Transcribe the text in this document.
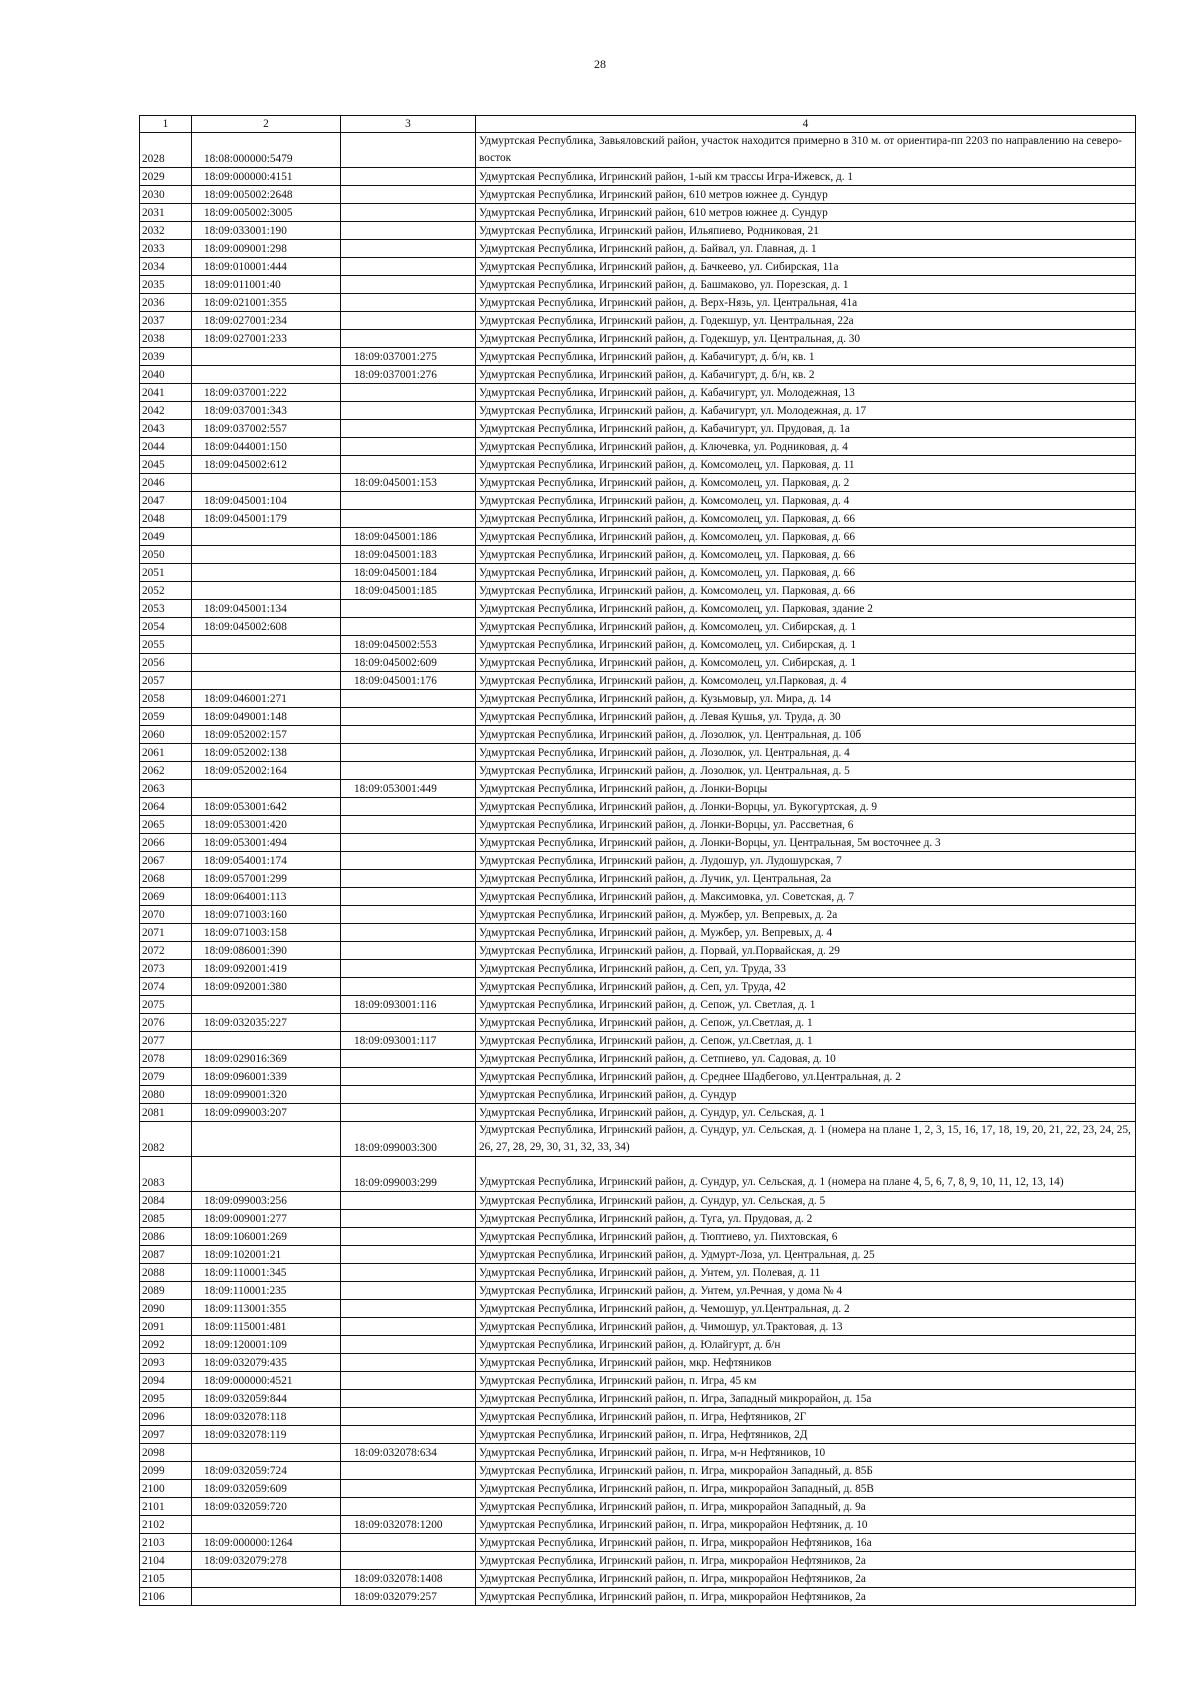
28
1	2	3	4
2028	18:08:000000:5479		Удмуртская Республика, Завьяловский район, участок находится примерно в 310 м. от ориентира-пп 2203 по направлению на северо-восток
2029	18:09:000000:4151		Удмуртская Республика, Игринский район, 1-ый км трассы Игра-Ижевск, д. 1
2030	18:09:005002:2648		Удмуртская Республика, Игринский район, 610 метров южнее д. Сундур
2031	18:09:005002:3005		Удмуртская Республика, Игринский район, 610 метров южнее д. Сундур
2032	18:09:033001:190		Удмуртская Республика, Игринский район, Ильяпиево, Родниковая, 21
2033	18:09:009001:298		Удмуртская Республика, Игринский район, д. Байвал, ул. Главная, д. 1
2034	18:09:010001:444		Удмуртская Республика, Игринский район, д. Бачкеево, ул. Сибирская, 11а
2035	18:09:011001:40		Удмуртская Республика, Игринский район, д. Башмаково, ул. Порезская, д. 1
2036	18:09:021001:355		Удмуртская Республика, Игринский район, д. Верх-Нязь, ул. Центральная, 41а
2037	18:09:027001:234		Удмуртская Республика, Игринский район, д. Годекшур, ул. Центральная, 22а
2038	18:09:027001:233		Удмуртская Республика, Игринский район, д. Годекшур, ул. Центральная, д. 30
2039		18:09:037001:275	Удмуртская Республика, Игринский район, д. Кабачигурт, д. б/н, кв. 1
2040		18:09:037001:276	Удмуртская Республика, Игринский район, д. Кабачигурт, д. б/н, кв. 2
2041	18:09:037001:222		Удмуртская Республика, Игринский район, д. Кабачигурт, ул. Молодежная, 13
2042	18:09:037001:343		Удмуртская Республика, Игринский район, д. Кабачигурт, ул. Молодежная, д. 17
2043	18:09:037002:557		Удмуртская Республика, Игринский район, д. Кабачигурт, ул. Прудовая, д. 1а
2044	18:09:044001:150		Удмуртская Республика, Игринский район, д. Ключевка, ул. Родниковая, д. 4
2045	18:09:045002:612		Удмуртская Республика, Игринский район, д. Комсомолец, ул. Парковая, д. 11
2046		18:09:045001:153	Удмуртская Республика, Игринский район, д. Комсомолец, ул. Парковая, д. 2
2047	18:09:045001:104		Удмуртская Республика, Игринский район, д. Комсомолец, ул. Парковая, д. 4
2048	18:09:045001:179		Удмуртская Республика, Игринский район, д. Комсомолец, ул. Парковая, д. 66
2049		18:09:045001:186	Удмуртская Республика, Игринский район, д. Комсомолец, ул. Парковая, д. 66
2050		18:09:045001:183	Удмуртская Республика, Игринский район, д. Комсомолец, ул. Парковая, д. 66
2051		18:09:045001:184	Удмуртская Республика, Игринский район, д. Комсомолец, ул. Парковая, д. 66
2052		18:09:045001:185	Удмуртская Республика, Игринский район, д. Комсомолец, ул. Парковая, д. 66
2053	18:09:045001:134		Удмуртская Республика, Игринский район, д. Комсомолец, ул. Парковая, здание 2
2054	18:09:045002:608		Удмуртская Республика, Игринский район, д. Комсомолец, ул. Сибирская, д. 1
2055		18:09:045002:553	Удмуртская Республика, Игринский район, д. Комсомолец, ул. Сибирская, д. 1
2056		18:09:045002:609	Удмуртская Республика, Игринский район, д. Комсомолец, ул. Сибирская, д. 1
2057		18:09:045001:176	Удмуртская Республика, Игринский район, д. Комсомолец, ул.Парковая, д. 4
2058	18:09:046001:271		Удмуртская Республика, Игринский район, д. Кузьмовыр, ул. Мира, д. 14
2059	18:09:049001:148		Удмуртская Республика, Игринский район, д. Левая Кушья, ул. Труда, д. 30
2060	18:09:052002:157		Удмуртская Республика, Игринский район, д. Лозолюк, ул. Центральная, д. 10б
2061	18:09:052002:138		Удмуртская Республика, Игринский район, д. Лозолюк, ул. Центральная, д. 4
2062	18:09:052002:164		Удмуртская Республика, Игринский район, д. Лозолюк, ул. Центральная, д. 5
2063		18:09:053001:449	Удмуртская Республика, Игринский район, д. Лонки-Ворцы
2064	18:09:053001:642		Удмуртская Республика, Игринский район, д. Лонки-Ворцы, ул. Вукогуртская, д. 9
2065	18:09:053001:420		Удмуртская Республика, Игринский район, д. Лонки-Ворцы, ул. Рассветная, 6
2066	18:09:053001:494		Удмуртская Республика, Игринский район, д. Лонки-Ворцы, ул. Центральная, 5м восточнее д. 3
2067	18:09:054001:174		Удмуртская Республика, Игринский район, д. Лудошур, ул. Лудошурская, 7
2068	18:09:057001:299		Удмуртская Республика, Игринский район, д. Лучик, ул. Центральная, 2а
2069	18:09:064001:113		Удмуртская Республика, Игринский район, д. Максимовка, ул. Советская, д. 7
2070	18:09:071003:160		Удмуртская Республика, Игринский район, д. Мужбер, ул. Вепревых, д. 2а
2071	18:09:071003:158		Удмуртская Республика, Игринский район, д. Мужбер, ул. Вепревых, д. 4
2072	18:09:086001:390		Удмуртская Республика, Игринский район, д. Порвай, ул.Порвайская, д. 29
2073	18:09:092001:419		Удмуртская Республика, Игринский район, д. Сеп, ул. Труда, 33
2074	18:09:092001:380		Удмуртская Республика, Игринский район, д. Сеп, ул. Труда, 42
2075		18:09:093001:116	Удмуртская Республика, Игринский район, д. Сепож, ул. Светлая, д. 1
2076	18:09:032035:227		Удмуртская Республика, Игринский район, д. Сепож, ул.Светлая, д. 1
2077		18:09:093001:117	Удмуртская Республика, Игринский район, д. Сепож, ул.Светлая, д. 1
2078	18:09:029016:369		Удмуртская Республика, Игринский район, д. Сетпиево, ул. Садовая, д. 10
2079	18:09:096001:339		Удмуртская Республика, Игринский район, д. Среднее Шадбегово, ул.Центральная, д. 2
2080	18:09:099001:320		Удмуртская Республика, Игринский район, д. Сундур
2081	18:09:099003:207		Удмуртская Республика, Игринский район, д. Сундур, ул. Сельская, д. 1
2082		18:09:099003:300	Удмуртская Республика, Игринский район, д. Сундур, ул. Сельская, д. 1 (номера на плане 1, 2, 3, 15, 16, 17, 18, 19, 20, 21, 22, 23, 24, 25, 26, 27, 28, 29, 30, 31, 32, 33, 34)
2083		18:09:099003:299	Удмуртская Республика, Игринский район, д. Сундур, ул. Сельская, д. 1 (номера на плане 4, 5, 6, 7, 8, 9, 10, 11, 12, 13, 14)
2084	18:09:099003:256		Удмуртская Республика, Игринский район, д. Сундур, ул. Сельская, д. 5
2085	18:09:009001:277		Удмуртская Республика, Игринский район, д. Туга, ул. Прудовая, д. 2
2086	18:09:106001:269		Удмуртская Республика, Игринский район, д. Тюптиево, ул. Пихтовская, 6
2087	18:09:102001:21		Удмуртская Республика, Игринский район, д. Удмурт-Лоза, ул. Центральная, д. 25
2088	18:09:110001:345		Удмуртская Республика, Игринский район, д. Унтем, ул. Полевая, д. 11
2089	18:09:110001:235		Удмуртская Республика, Игринский район, д. Унтем, ул.Речная, у дома № 4
2090	18:09:113001:355		Удмуртская Республика, Игринский район, д. Чемошур, ул.Центральная, д. 2
2091	18:09:115001:481		Удмуртская Республика, Игринский район, д. Чимошур, ул.Трактовая, д. 13
2092	18:09:120001:109		Удмуртская Республика, Игринский район, д. Юлайгурт, д. б/н
2093	18:09:032079:435		Удмуртская Республика, Игринский район, мкр. Нефтяников
2094	18:09:000000:4521		Удмуртская Республика, Игринский район, п. Игра, 45 км
2095	18:09:032059:844		Удмуртская Республика, Игринский район, п. Игра, Западный микрорайон, д. 15а
2096	18:09:032078:118		Удмуртская Республика, Игринский район, п. Игра, Нефтяников, 2Г
2097	18:09:032078:119		Удмуртская Республика, Игринский район, п. Игра, Нефтяников, 2Д
2098		18:09:032078:634	Удмуртская Республика, Игринский район, п. Игра, м-н Нефтяников, 10
2099	18:09:032059:724		Удмуртская Республика, Игринский район, п. Игра, микрорайон Западный, д. 85Б
2100	18:09:032059:609		Удмуртская Республика, Игринский район, п. Игра, микрорайон Западный, д. 85В
2101	18:09:032059:720		Удмуртская Республика, Игринский район, п. Игра, микрорайон Западный, д. 9а
2102		18:09:032078:1200	Удмуртская Республика, Игринский район, п. Игра, микрорайон Нефтяник, д. 10
2103	18:09:000000:1264		Удмуртская Республика, Игринский район, п. Игра, микрорайон Нефтяников, 16а
2104	18:09:032079:278		Удмуртская Республика, Игринский район, п. Игра, микрорайон Нефтяников, 2а
2105		18:09:032078:1408	Удмуртская Республика, Игринский район, п. Игра, микрорайон Нефтяников, 2а
2106		18:09:032079:257	Удмуртская Республика, Игринский район, п. Игра, микрорайон Нефтяников, 2а
